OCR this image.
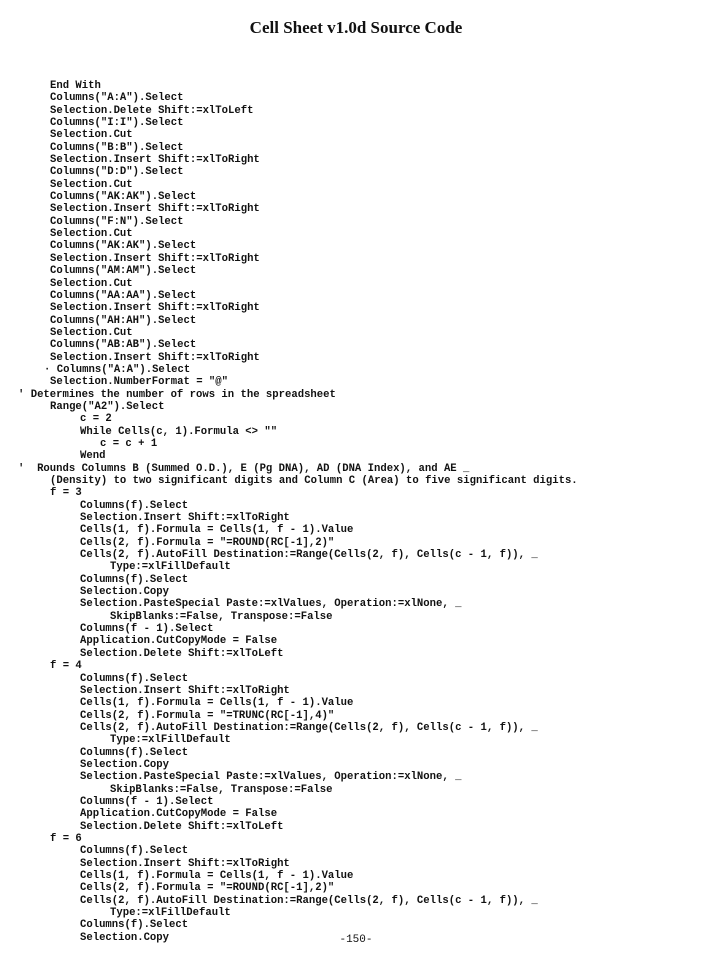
Cell Sheet v1.0d Source Code
End With
Columns("A:A").Select
Selection.Delete Shift:=xlToLeft
Columns("I:I").Select
Selection.Cut
Columns("B:B").Select
Selection.Insert Shift:=xlToRight
Columns("D:D").Select
Selection.Cut
Columns("AK:AK").Select
Selection.Insert Shift:=xlToRight
Columns("F:N").Select
Selection.Cut
Columns("AK:AK").Select
Selection.Insert Shift:=xlToRight
Columns("AM:AM").Select
Selection.Cut
Columns("AA:AA").Select
Selection.Insert Shift:=xlToRight
Columns("AH:AH").Select
Selection.Cut
Columns("AB:AB").Select
Selection.Insert Shift:=xlToRight
· Columns("A:A").Select
Selection.NumberFormat = "@"
' Determines the number of rows in the spreadsheet
Range("A2").Select
c = 2
While Cells(c, 1).Formula <> ""
c = c + 1
Wend
'  Rounds Columns B (Summed O.D.), E (Pg DNA), AD (DNA Index), and AE _
(Density) to two significant digits and Column C (Area) to five significant digits.
f = 3
Columns(f).Select
Selection.Insert Shift:=xlToRight
Cells(1, f).Formula = Cells(1, f - 1).Value
Cells(2, f).Formula = "=ROUND(RC[-1],2)"
Cells(2, f).AutoFill Destination:=Range(Cells(2, f), Cells(c - 1, f)), _
Type:=xlFillDefault
Columns(f).Select
Selection.Copy
Selection.PasteSpecial Paste:=xlValues, Operation:=xlNone, _
SkipBlanks:=False, Transpose:=False
Columns(f - 1).Select
Application.CutCopyMode = False
Selection.Delete Shift:=xlToLeft
f = 4
Columns(f).Select
Selection.Insert Shift:=xlToRight
Cells(1, f).Formula = Cells(1, f - 1).Value
Cells(2, f).Formula = "=TRUNC(RC[-1],4)"
Cells(2, f).AutoFill Destination:=Range(Cells(2, f), Cells(c - 1, f)), _
Type:=xlFillDefault
Columns(f).Select
Selection.Copy
Selection.PasteSpecial Paste:=xlValues, Operation:=xlNone, _
SkipBlanks:=False, Transpose:=False
Columns(f - 1).Select
Application.CutCopyMode = False
Selection.Delete Shift:=xlToLeft
f = 6
Columns(f).Select
Selection.Insert Shift:=xlToRight
Cells(1, f).Formula = Cells(1, f - 1).Value
Cells(2, f).Formula = "=ROUND(RC[-1],2)"
Cells(2, f).AutoFill Destination:=Range(Cells(2, f), Cells(c - 1, f)), _
Type:=xlFillDefault
Columns(f).Select
Selection.Copy	-150-
